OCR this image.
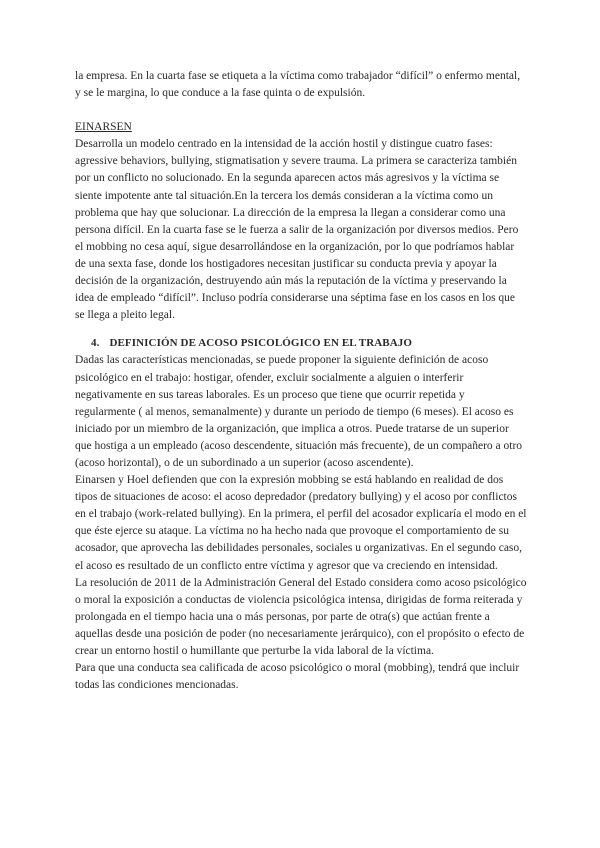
la empresa. En la cuarta fase se etiqueta a la víctima como trabajador “difícil” o enfermo mental, y se le margina, lo que conduce a la fase quinta o de expulsión.

EINARSEN

Desarrolla un modelo centrado en la intensidad de la acción hostil y distingue cuatro fases: agressive behaviors, bullying, stigmatisation y severe trauma. La primera se caracteriza también por un conflicto no solucionado. En la segunda aparecen actos más agresivos y la víctima se siente impotente ante tal situación.En la tercera los demás consideran a la víctima como un problema que hay que solucionar. La dirección de la empresa la llegan a considerar como una persona difícil. En la cuarta fase se le fuerza a salir de la organización por diversos medios. Pero el mobbing no cesa aquí, sigue desarrollándose en la organización, por lo que podríamos hablar de una sexta fase, donde los hostigadores necesitan justificar su conducta previa y apoyar la decisión de la organización, destruyendo aún más la reputación de la víctima y preservando la idea de empleado “difícil”. Incluso podría considerarse una séptima fase en los casos en los que se llega a pleito legal.

4. DEFINICIÓN DE ACOSO PSICOLÓGICO EN EL TRABAJO

Dadas las características mencionadas, se puede proponer la siguiente definición de acoso psicológico en el trabajo: hostigar, ofender, excluir socialmente a alguien o interferir negativamente en sus tareas laborales. Es un proceso que tiene que ocurrir repetida y regularmente ( al menos, semanalmente) y durante un periodo de tiempo (6 meses). El acoso es iniciado por un miembro de la organización, que implica a otros. Puede tratarse de un superior que hostiga a un empleado (acoso descendente, situación más frecuente), de un compañero a otro (acoso horizontal), o de un subordinado a un superior (acoso ascendente).

Einarsen y Hoel defienden que con la expresión mobbing se está hablando en realidad de dos tipos de situaciones de acoso: el acoso depredador (predatory bullying) y el acoso por conflictos en el trabajo (work-related bullying). En la primera, el perfil del acosador explicaría el modo en el que éste ejerce su ataque. La víctima no ha hecho nada que provoque el comportamiento de su acosador, que aprovecha las debilidades personales, sociales u organizativas. En el segundo caso, el acoso es resultado de un conflicto entre víctima y agresor que va creciendo en intensidad.

La resolución de 2011 de la Administración General del Estado considera como acoso psicológico o moral la exposición a conductas de violencia psicológica intensa, dirigidas de forma reiterada y prolongada en el tiempo hacia una o más personas, por parte de otra(s) que actúan frente a aquellas desde una posición de poder (no necesariamente jerárquico), con el propósito o efecto de crear un entorno hostil o humillante que perturbe la vida laboral de la víctima.

Para que una conducta sea calificada de acoso psicológico o moral (mobbing), tendrá que incluir todas las condiciones mencionadas.
